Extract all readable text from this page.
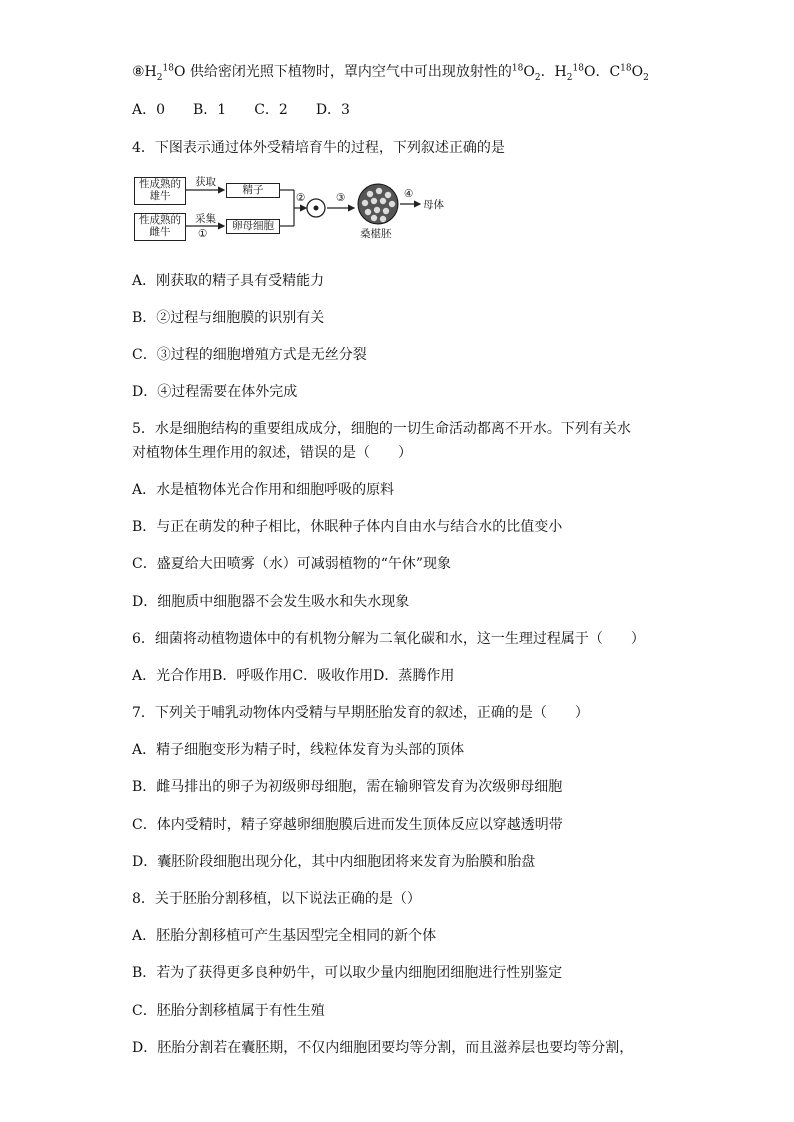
$⑧H_2^{18}O$ 供给密闭光照下植物时，罩内空气中可出现放射性的$^{18}O_2$．$H_2^{18}O$．$C^{18}O_2$
A．0　　B．1　　C．2　　D．3
4．下图表示通过体外受精培育牛的过程，下列叙述正确的是
性成熟的雄牛
性成熟的雌牛
获取
采集
①
精子
卵母细胞
②	③
桑椹胚
④
母体
A．刚获取的精子具有受精能力
B．②过程与细胞膜的识别有关
C．③过程的细胞增殖方式是无丝分裂
D．④过程需要在体外完成
5．水是细胞结构的重要组成成分，细胞的一切生命活动都离不开水。下列有关水
对植物体生理作用的叙述，错误的是（　　）
A．水是植物体光合作用和细胞呼吸的原料
B．与正在萌发的种子相比，休眠种子体内自由水与结合水的比值变小
C．盛夏给大田喷雾（水）可减弱植物的“午休”现象
D．细胞质中细胞器不会发生吸水和失水现象
6．细菌将动植物遗体中的有机物分解为二氧化碳和水，这一生理过程属于（　　）
A．光合作用B．呼吸作用C．吸收作用D．蒸腾作用
7．下列关于哺乳动物体内受精与早期胚胎发育的叙述，正确的是（　　）
A．精子细胞变形为精子时，线粒体发育为头部的顶体
B．雌马排出的卵子为初级卵母细胞，需在输卵管发育为次级卵母细胞
C．体内受精时，精子穿越卵细胞膜后进而发生顶体反应以穿越透明带
D．囊胚阶段细胞出现分化，其中内细胞团将来发育为胎膜和胎盘
8．关于胚胎分割移植，以下说法正确的是（）
A．胚胎分割移植可产生基因型完全相同的新个体
B．若为了获得更多良种奶牛，可以取少量内细胞团细胞进行性别鉴定
C．胚胎分割移植属于有性生殖
D．胚胎分割若在囊胚期，不仅内细胞团要均等分割，而且滋养层也要均等分割，
